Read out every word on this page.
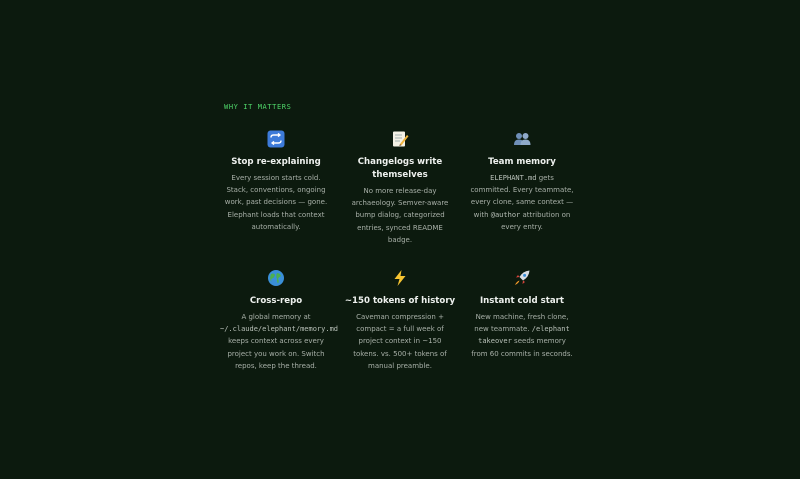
WHY IT MATTERS
Stop re-explaining
Every session starts cold.
Stack, conventions, ongoing
work, past decisions — gone.
Elephant loads that context
automatically.
Changelogs write
themselves
No more release-day
archaeology. Semver-aware
bump dialog, categorized
entries, synced README
badge.
Team memory
ELEPHANT.md gets
committed. Every teammate,
every clone, same context —
with @author attribution on
every entry.
Cross-repo
A global memory at
~/.claude/elephant/memory.md
keeps context across every
project you work on. Switch
repos, keep the thread.
~150 tokens of history
Caveman compression +
compact = a full week of
project context in ~150
tokens. vs. 500+ tokens of
manual preamble.
Instant cold start
New machine, fresh clone,
new teammate. /elephant
takeover seeds memory
from 60 commits in seconds.
